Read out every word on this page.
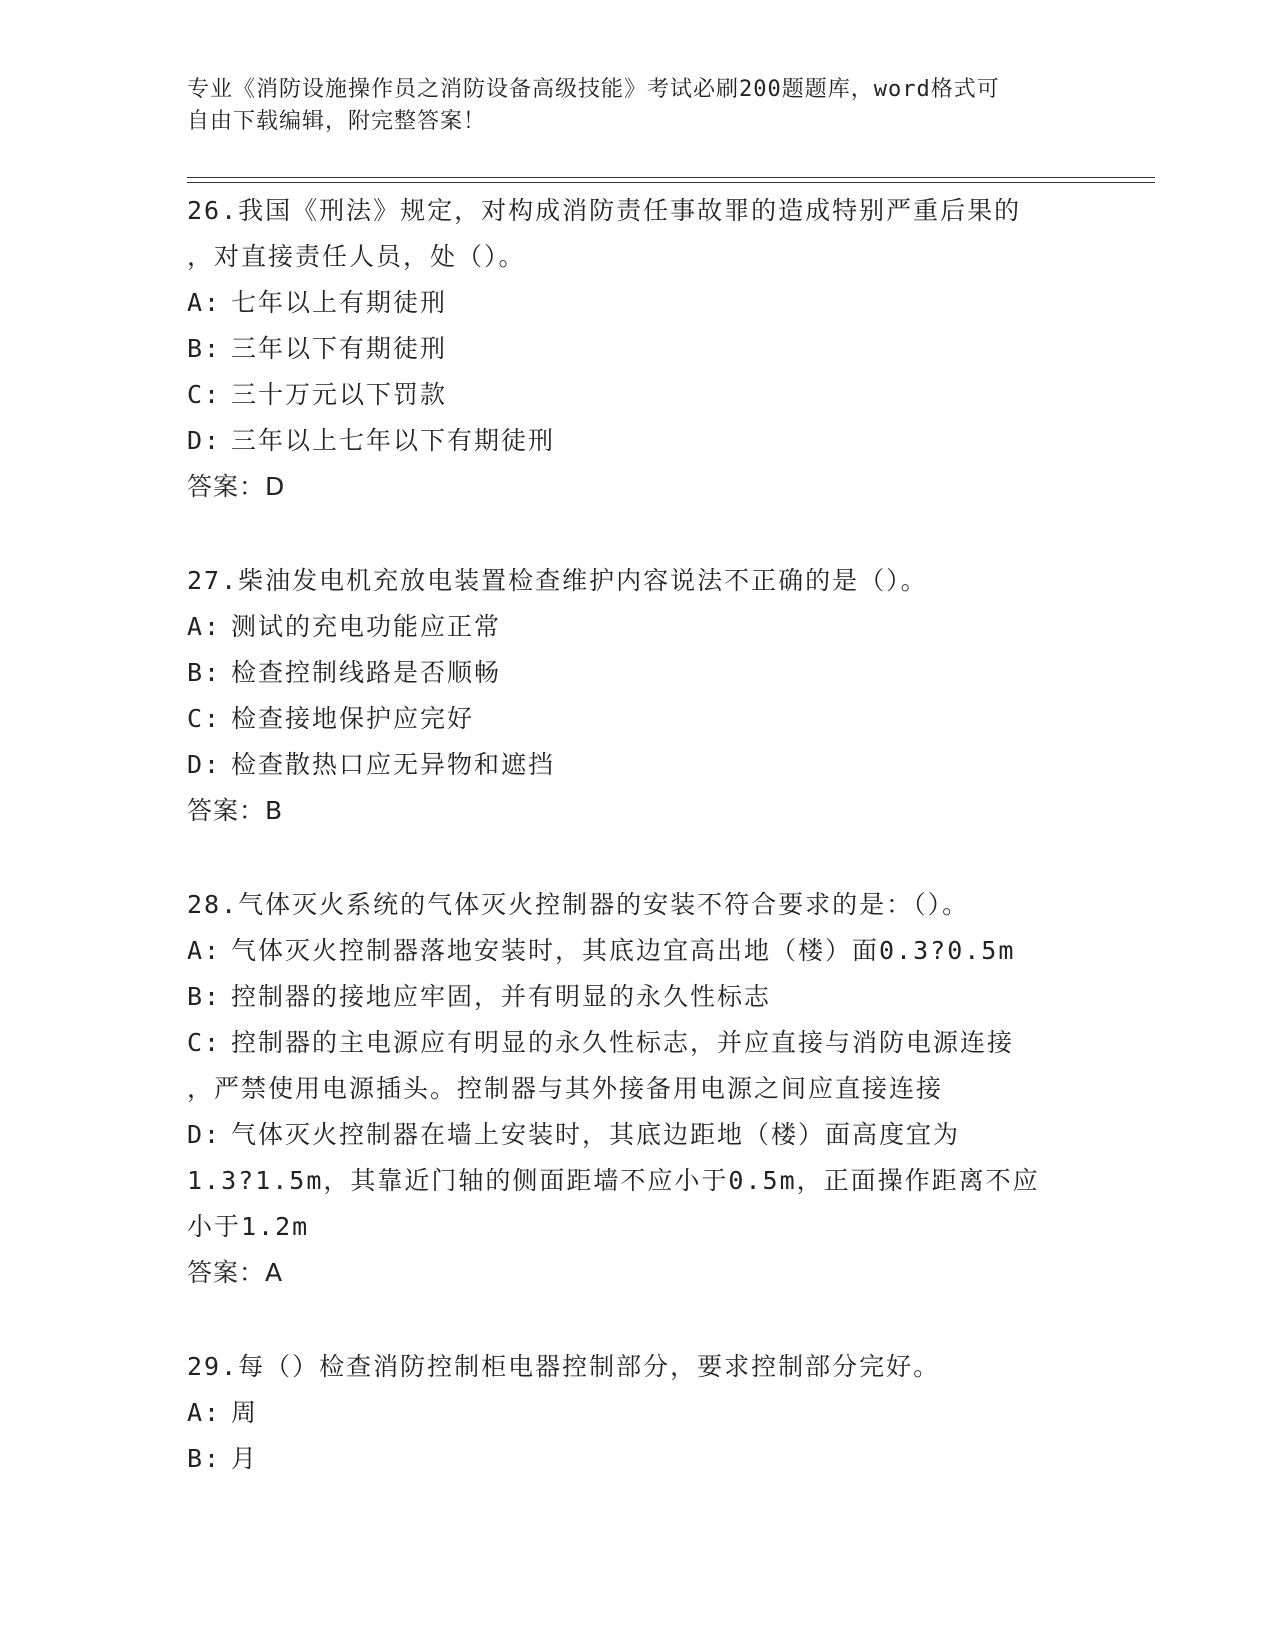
专业《消防设施操作员之消防设备高级技能》考试必刷200题题库，word格式可
自由下载编辑，附完整答案！
26.我国《刑法》规定，对构成消防责任事故罪的造成特别严重后果的
，对直接责任人员，处（）。
A: 七年以上有期徒刑
B: 三年以下有期徒刑
C: 三十万元以下罚款
D: 三年以上七年以下有期徒刑
答案：D
27.柴油发电机充放电装置检查维护内容说法不正确的是（）。
A: 测试的充电功能应正常
B: 检查控制线路是否顺畅
C: 检查接地保护应完好
D: 检查散热口应无异物和遮挡
答案：B
28.气体灭火系统的气体灭火控制器的安装不符合要求的是：（）。
A: 气体灭火控制器落地安装时，其底边宜高出地（楼）面0.3?0.5m
B: 控制器的接地应牢固，并有明显的永久性标志
C: 控制器的主电源应有明显的永久性标志，并应直接与消防电源连接
，严禁使用电源插头。控制器与其外接备用电源之间应直接连接
D: 气体灭火控制器在墙上安装时，其底边距地（楼）面高度宜为
1.3?1.5m，其靠近门轴的侧面距墙不应小于0.5m，正面操作距离不应
小于1.2m
答案：A
29.每（）检查消防控制柜电器控制部分，要求控制部分完好。
A: 周
B: 月
